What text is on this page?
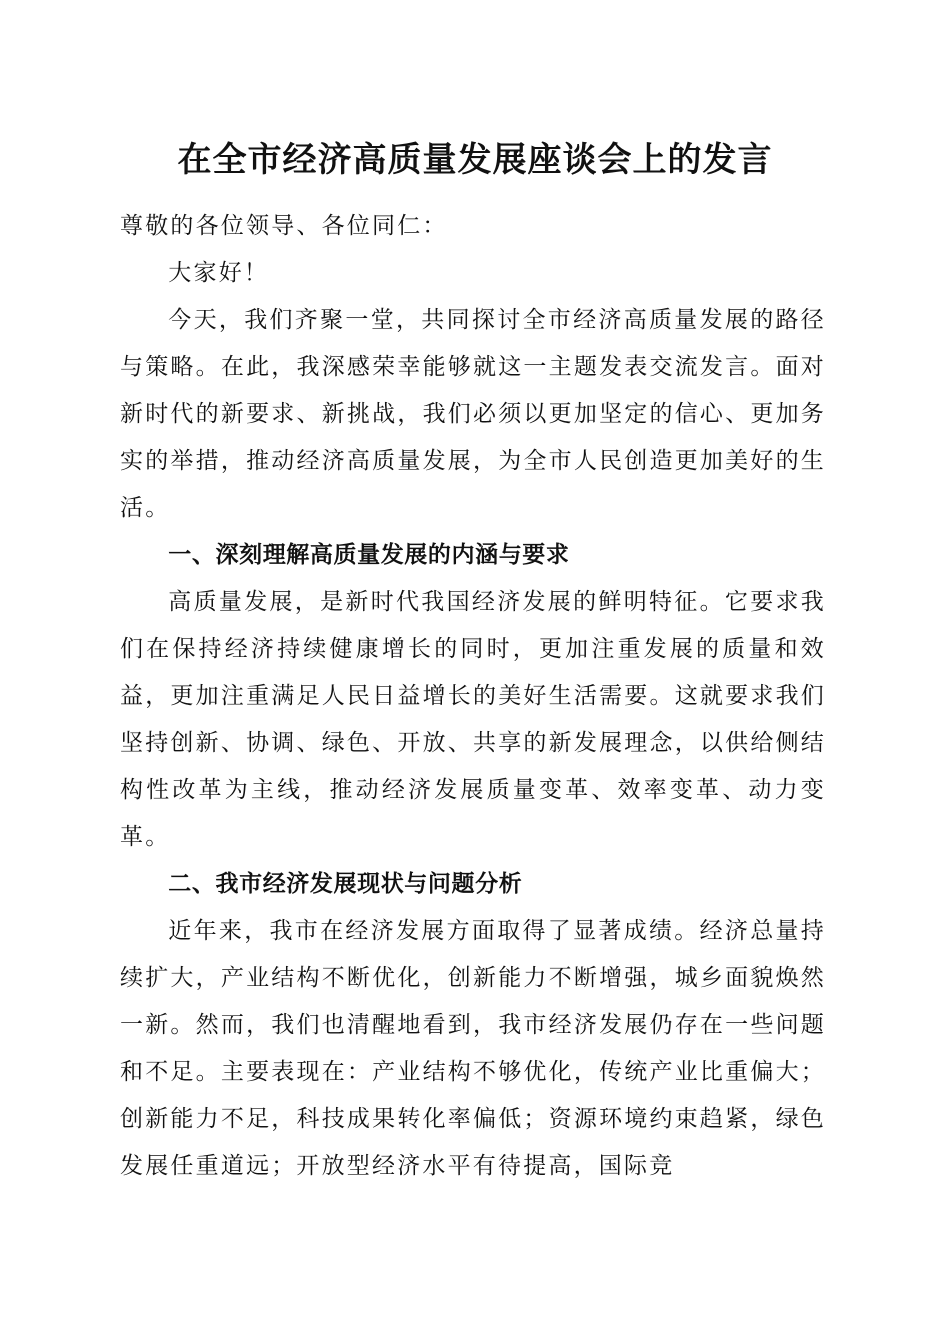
在全市经济高质量发展座谈会上的发言

尊敬的各位领导、各位同仁：

大家好！

今天，我们齐聚一堂，共同探讨全市经济高质量发展的路径与策略。在此，我深感荣幸能够就这一主题发表交流发言。面对新时代的新要求、新挑战，我们必须以更加坚定的信心、更加务实的举措，推动经济高质量发展，为全市人民创造更加美好的生活。

一、深刻理解高质量发展的内涵与要求

高质量发展，是新时代我国经济发展的鲜明特征。它要求我们在保持经济持续健康增长的同时，更加注重发展的质量和效益，更加注重满足人民日益增长的美好生活需要。这就要求我们坚持创新、协调、绿色、开放、共享的新发展理念，以供给侧结构性改革为主线，推动经济发展质量变革、效率变革、动力变革。

二、我市经济发展现状与问题分析

近年来，我市在经济发展方面取得了显著成绩。经济总量持续扩大，产业结构不断优化，创新能力不断增强，城乡面貌焕然一新。然而，我们也清醒地看到，我市经济发展仍存在一些问题和不足。主要表现在：产业结构不够优化，传统产业比重偏大；创新能力不足，科技成果转化率偏低；资源环境约束趋紧，绿色发展任重道远；开放型经济水平有待提高，国际竞
